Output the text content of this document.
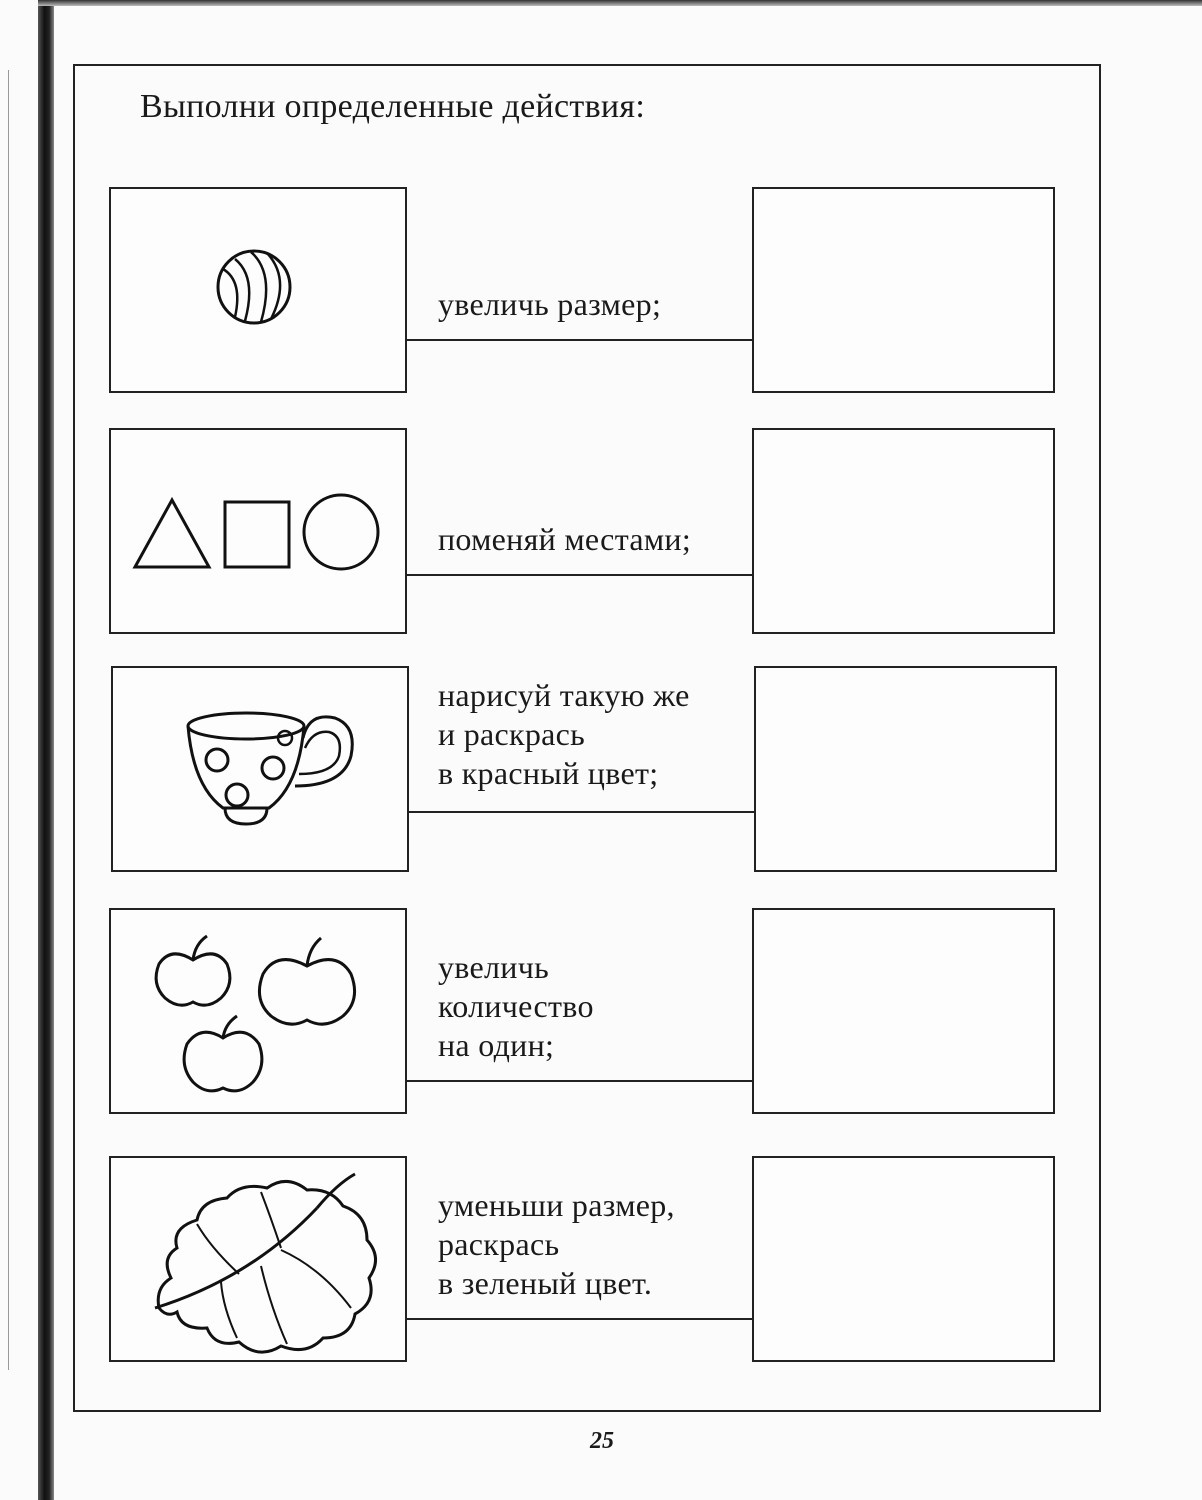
Выполни определенные действия:
увеличь размер;
поменяй местами;
нарисуй такую же
и раскрась
в красный цвет;
увеличь
количество
на один;
уменьши размер,
раскрась
в зеленый цвет.
25
